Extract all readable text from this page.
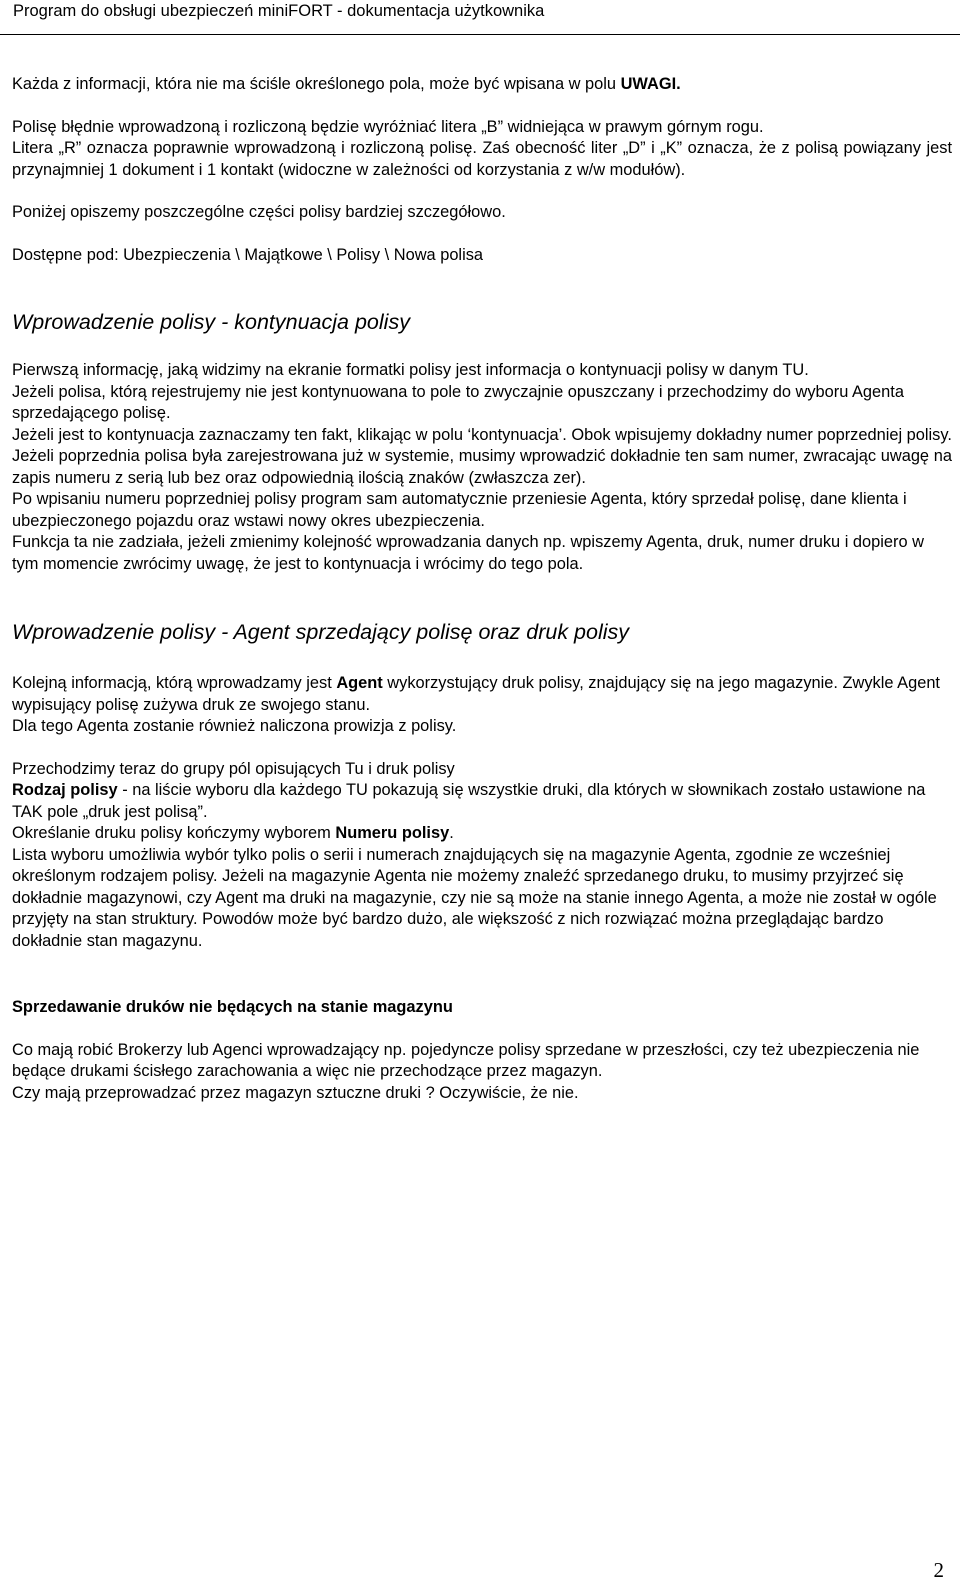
Program do obsługi ubezpieczeń miniFORT - dokumentacja użytkownika

Każda z informacji, która nie ma ściśle określonego pola, może być wpisana w polu UWAGI.

Polisę błędnie wprowadzoną i rozliczoną będzie wyróżniać litera „B” widniejąca w prawym górnym rogu.

Litera „R” oznacza poprawnie wprowadzoną i rozliczoną polisę. Zaś obecność liter „D” i „K” oznacza, że z polisą powiązany jest przynajmniej 1 dokument i 1 kontakt (widoczne w zależności od korzystania z w/w modułów).

Poniżej opiszemy poszczególne części polisy bardziej szczegółowo.

Dostępne pod: Ubezpieczenia \ Majątkowe \ Polisy \ Nowa polisa

Wprowadzenie polisy - kontynuacja polisy

Pierwszą informację, jaką widzimy na ekranie formatki polisy jest informacja o kontynuacji polisy w danym TU.

Jeżeli polisa, którą rejestrujemy nie jest kontynuowana to pole to zwyczajnie opuszczany i przechodzimy do wyboru Agenta sprzedającego polisę.

Jeżeli jest to kontynuacja zaznaczamy ten fakt, klikając w polu ‘kontynuacja’. Obok wpisujemy dokładny numer poprzedniej polisy.

Jeżeli poprzednia polisa była zarejestrowana już w systemie, musimy wprowadzić dokładnie ten sam numer, zwracając uwagę na zapis numeru z serią lub bez oraz odpowiednią ilością znaków (zwłaszcza zer).

Po wpisaniu numeru poprzedniej polisy program sam automatycznie przeniesie Agenta, który sprzedał polisę, dane klienta i ubezpieczonego pojazdu oraz wstawi nowy okres ubezpieczenia.

Funkcja ta nie zadziała, jeżeli zmienimy kolejność wprowadzania danych np. wpiszemy Agenta, druk, numer druku i dopiero w tym momencie zwrócimy uwagę, że jest to kontynuacja i wrócimy do tego pola.

Wprowadzenie polisy - Agent sprzedający polisę oraz druk polisy

Kolejną informacją, którą wprowadzamy jest Agent wykorzystujący druk polisy, znajdujący się na jego magazynie. Zwykle Agent wypisujący polisę zużywa druk ze swojego stanu.

Dla tego Agenta zostanie również naliczona prowizja z polisy.

Przechodzimy teraz do grupy pól opisujących Tu i druk polisy

Rodzaj polisy - na liście wyboru dla każdego TU pokazują się wszystkie druki, dla których w słownikach zostało ustawione na TAK pole „druk jest polisą”.

Określanie druku polisy kończymy wyborem Numeru polisy.

Lista wyboru umożliwia wybór tylko polis o serii i numerach znajdujących się na magazynie Agenta, zgodnie ze wcześniej określonym rodzajem polisy. Jeżeli na magazynie Agenta nie możemy znaleźć sprzedanego druku, to musimy przyjrzeć się dokładnie magazynowi, czy Agent ma druki na magazynie, czy nie są może na stanie innego Agenta, a może nie został w ogóle przyjęty na stan struktury. Powodów może być bardzo dużo, ale większość z nich rozwiązać można przeglądając bardzo dokładnie stan magazynu.

Sprzedawanie druków nie będących na stanie magazynu

Co mają robić Brokerzy lub Agenci wprowadzający np. pojedyncze polisy sprzedane w przeszłości, czy też ubezpieczenia nie będące drukami ścisłego zarachowania a więc nie przechodzące przez magazyn.

Czy mają przeprowadzać przez magazyn sztuczne druki ? Oczywiście, że nie.

2
